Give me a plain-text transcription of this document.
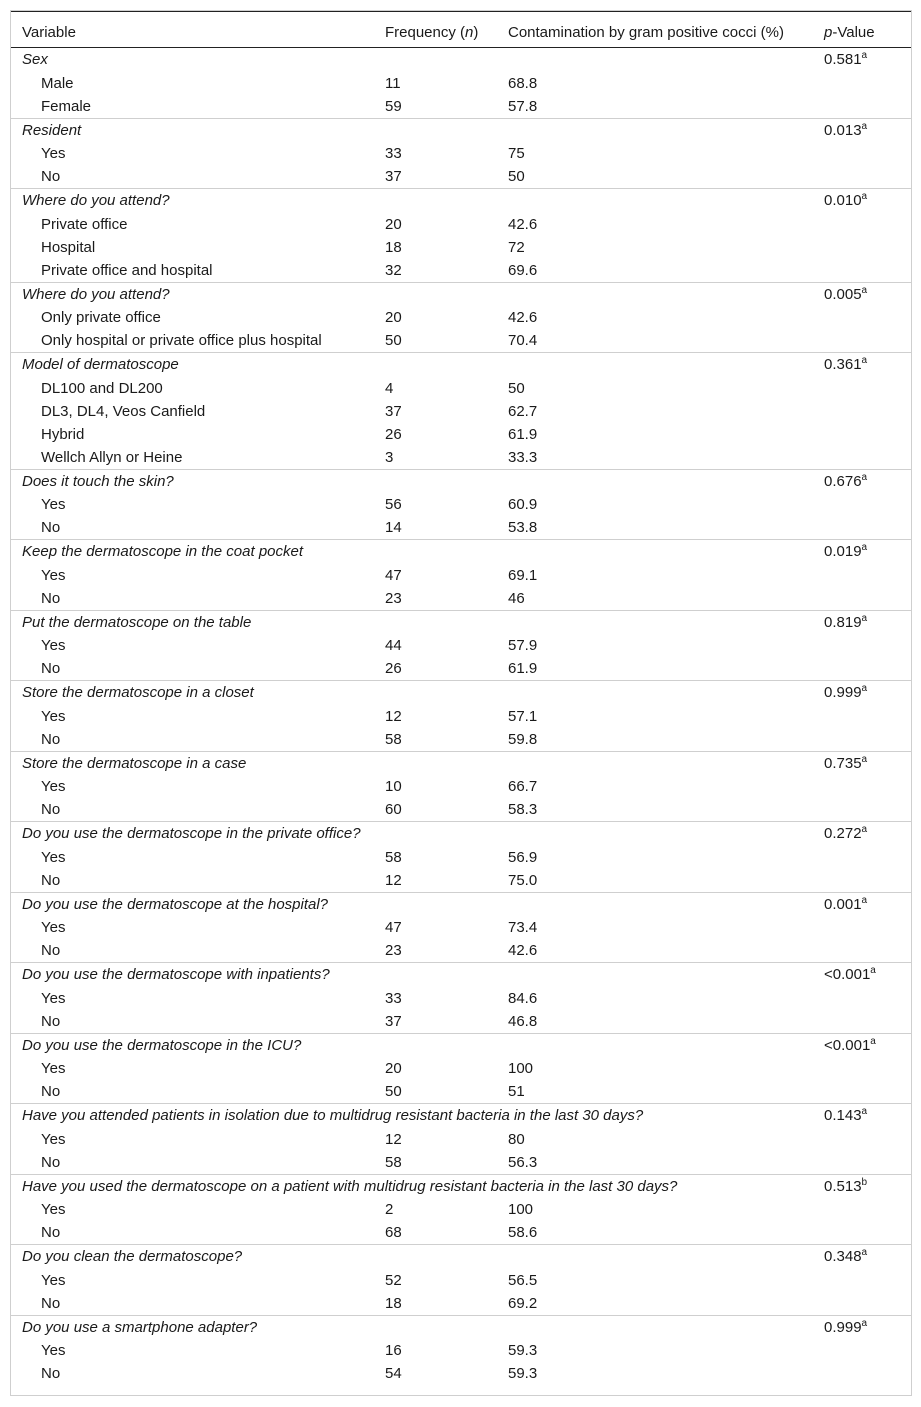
Variable	Frequency (n)	Contamination by gram positive cocci (%)	p-Value
Sex			0.581$^a$
Male	11	68.8	
Female	59	57.8	
Resident			0.013$^a$
Yes	33	75	
No	37	50	
Where do you attend?			0.010$^a$
Private office	20	42.6	
Hospital	18	72	
Private office and hospital	32	69.6	
Where do you attend?			0.005$^a$
Only private office	20	42.6	
Only hospital or private office plus hospital	50	70.4	
Model of dermatoscope			0.361$^a$
DL100 and DL200	4	50	
DL3, DL4, Veos Canfield	37	62.7	
Hybrid	26	61.9	
Wellch Allyn or Heine	3	33.3	
Does it touch the skin?			0.676$^a$
Yes	56	60.9	
No	14	53.8	
Keep the dermatoscope in the coat pocket			0.019$^a$
Yes	47	69.1	
No	23	46	
Put the dermatoscope on the table			0.819$^a$
Yes	44	57.9	
No	26	61.9	
Store the dermatoscope in a closet			0.999$^a$
Yes	12	57.1	
No	58	59.8	
Store the dermatoscope in a case			0.735$^a$
Yes	10	66.7	
No	60	58.3	
Do you use the dermatoscope in the private office?			0.272$^a$
Yes	58	56.9	
No	12	75.0	
Do you use the dermatoscope at the hospital?			0.001$^a$
Yes	47	73.4	
No	23	42.6	
Do you use the dermatoscope with inpatients?			<0.001$^a$
Yes	33	84.6	
No	37	46.8	
Do you use the dermatoscope in the ICU?			<0.001$^a$
Yes	20	100	
No	50	51	
Have you attended patients in isolation due to multidrug resistant bacteria in the last 30 days?			0.143$^a$
Yes	12	80	
No	58	56.3	
Have you used the dermatoscope on a patient with multidrug resistant bacteria in the last 30 days?			0.513$^b$
Yes	2	100	
No	68	58.6	
Do you clean the dermatoscope?			0.348$^a$
Yes	52	56.5	
No	18	69.2	
Do you use a smartphone adapter?			0.999$^a$
Yes	16	59.3	
No	54	59.3	
